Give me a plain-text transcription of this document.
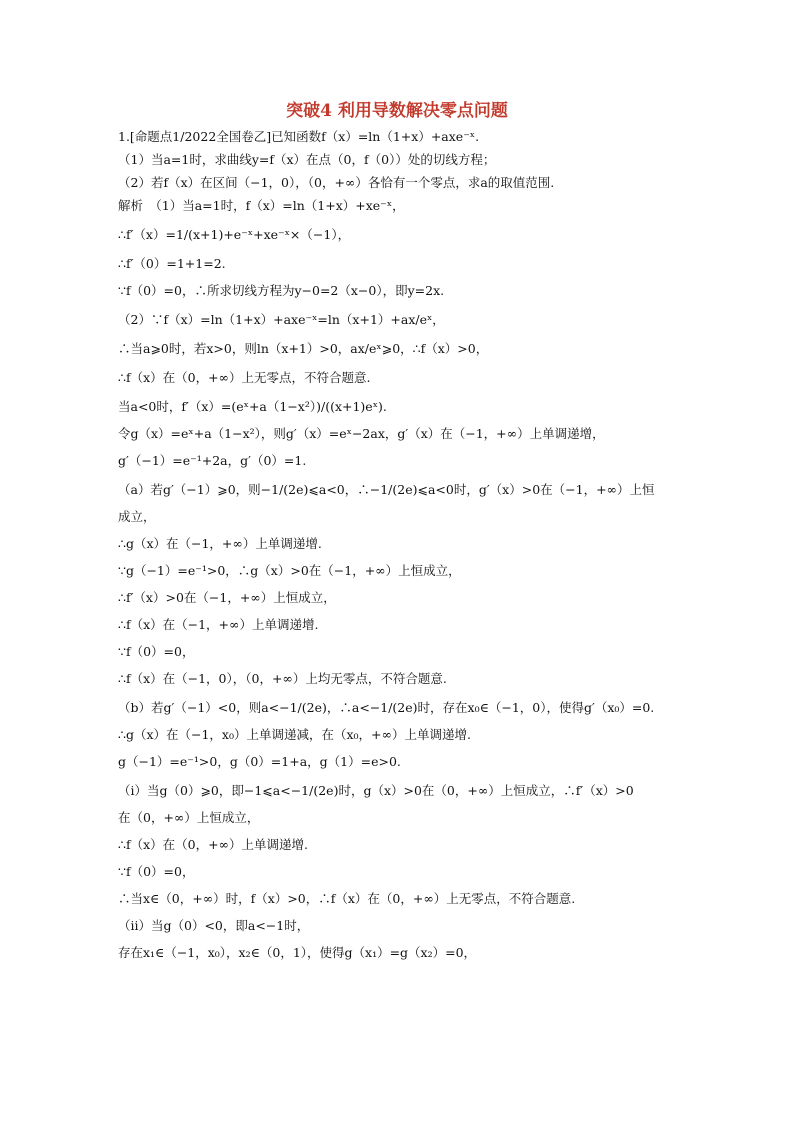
突破4 利用导数解决零点问题
1.[命题点1/2022全国卷乙]已知函数f（x）=ln（1+x）+axe⁻ˣ.
（1）当a=1时，求曲线y=f（x）在点（0，f（0））处的切线方程；
（2）若f（x）在区间（−1，0），（0，+∞）各恰有一个零点，求a的取值范围.
解析　（1）当a=1时，f（x）=ln（1+x）+xe⁻ˣ，
∴f′（x）=1/(x+1)+e⁻ˣ+xe⁻ˣ×（−1），
∴f′（0）=1+1=2.
∵f（0）=0，∴所求切线方程为y−0=2（x−0），即y=2x.
（2）∵f（x）=ln（1+x）+axe⁻ˣ=ln（x+1）+ax/eˣ，
∴当a⩾0时，若x>0，则ln（x+1）>0，ax/eˣ⩾0，∴f（x）>0，
∴f（x）在（0，+∞）上无零点，不符合题意.
当a<0时，f′（x）=(eˣ+a（1−x²）)/((x+1)eˣ).
令g（x）=eˣ+a（1−x²），则g′（x）=eˣ−2ax，g′（x）在（−1，+∞）上单调递增，
g′（−1）=e⁻¹+2a，g′（0）=1.
（a）若g′（−1）⩾0，则−1/(2e)⩽a<0，∴−1/(2e)⩽a<0时，g′（x）>0在（−1，+∞）上恒
成立，
∴g（x）在（−1，+∞）上单调递增.
∵g（−1）=e⁻¹>0，∴g（x）>0在（−1，+∞）上恒成立，
∴f′（x）>0在（−1，+∞）上恒成立，
∴f（x）在（−1，+∞）上单调递增.
∵f（0）=0，
∴f（x）在（−1，0），（0，+∞）上均无零点，不符合题意.
（b）若g′（−1）<0，则a<−1/(2e)，∴a<−1/(2e)时，存在x₀∈（−1，0），使得g′（x₀）=0.
∴g（x）在（−1，x₀）上单调递减，在（x₀，+∞）上单调递增.
g（−1）=e⁻¹>0，g（0）=1+a，g（1）=e>0.
（i）当g（0）⩾0，即−1⩽a<−1/(2e)时，g（x）>0在（0，+∞）上恒成立，∴f′（x）>0
在（0，+∞）上恒成立，
∴f（x）在（0，+∞）上单调递增.
∵f（0）=0，
∴当x∈（0，+∞）时，f（x）>0，∴f（x）在（0，+∞）上无零点，不符合题意.
（ii）当g（0）<0，即a<−1时，
存在x₁∈（−1，x₀），x₂∈（0，1），使得g（x₁）=g（x₂）=0，
